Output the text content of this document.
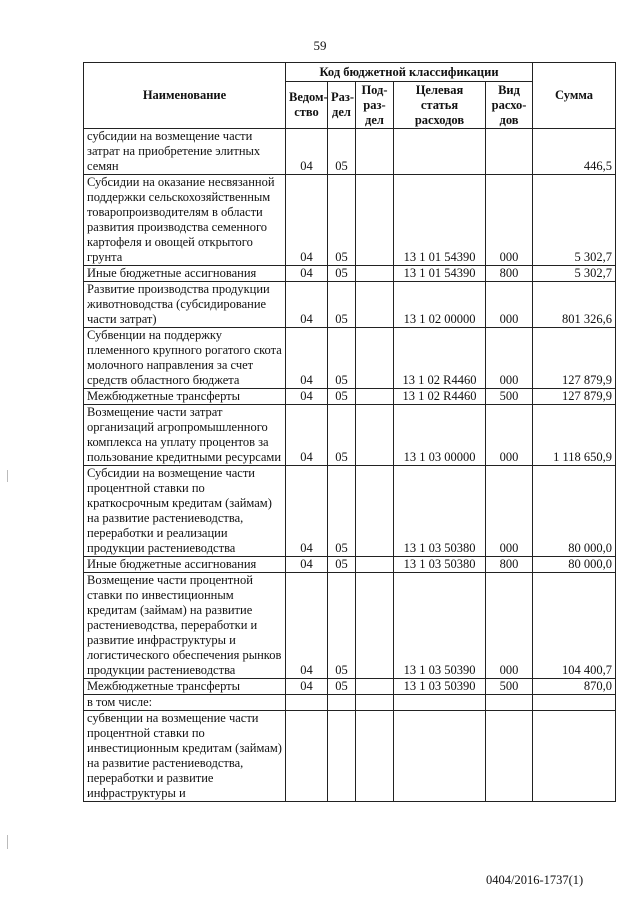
59
Наименование	Код бюджетной классификации					Сумма
	Ведом-ство	Раз-дел	Под-раз-дел	Целевая статья расходов	Вид расхо-дов	
субсидии на возмещение части затрат на приобретение элитных семян	04	05				446,5
Субсидии на оказание несвязанной поддержки сельскохозяйственным товаропроизводителям в области развития производства семенного картофеля и овощей открытого грунта	04	05		13 1 01 54390	000	5 302,7
Иные бюджетные ассигнования	04	05		13 1 01 54390	800	5 302,7
Развитие производства продукции животноводства (субсидирование части затрат)	04	05		13 1 02 00000	000	801 326,6
Субвенции на поддержку племенного крупного рогатого скота молочного направления за счет средств областного бюджета	04	05		13 1 02 R4460	000	127 879,9
Межбюджетные трансферты	04	05		13 1 02 R4460	500	127 879,9
Возмещение части затрат организаций агропромышленного комплекса на уплату процентов за пользование кредитными ресурсами	04	05		13 1 03 00000	000	1 118 650,9
Субсидии на возмещение части процентной ставки по краткосрочным кредитам (займам) на развитие растениеводства, переработки и реализации продукции растениеводства	04	05		13 1 03 50380	000	80 000,0
Иные бюджетные ассигнования	04	05		13 1 03 50380	800	80 000,0
Возмещение части процентной ставки по инвестиционным кредитам (займам) на развитие растениеводства, переработки и развитие инфраструктуры и логистического обеспечения рынков продукции растениеводства	04	05		13 1 03 50390	000	104 400,7
Межбюджетные трансферты	04	05		13 1 03 50390	500	870,0
в том числе:						
субвенции на возмещение части процентной ставки по инвестиционным кредитам (займам) на развитие растениеводства, переработки и развитие инфраструктуры и						
0404/2016-1737(1)
